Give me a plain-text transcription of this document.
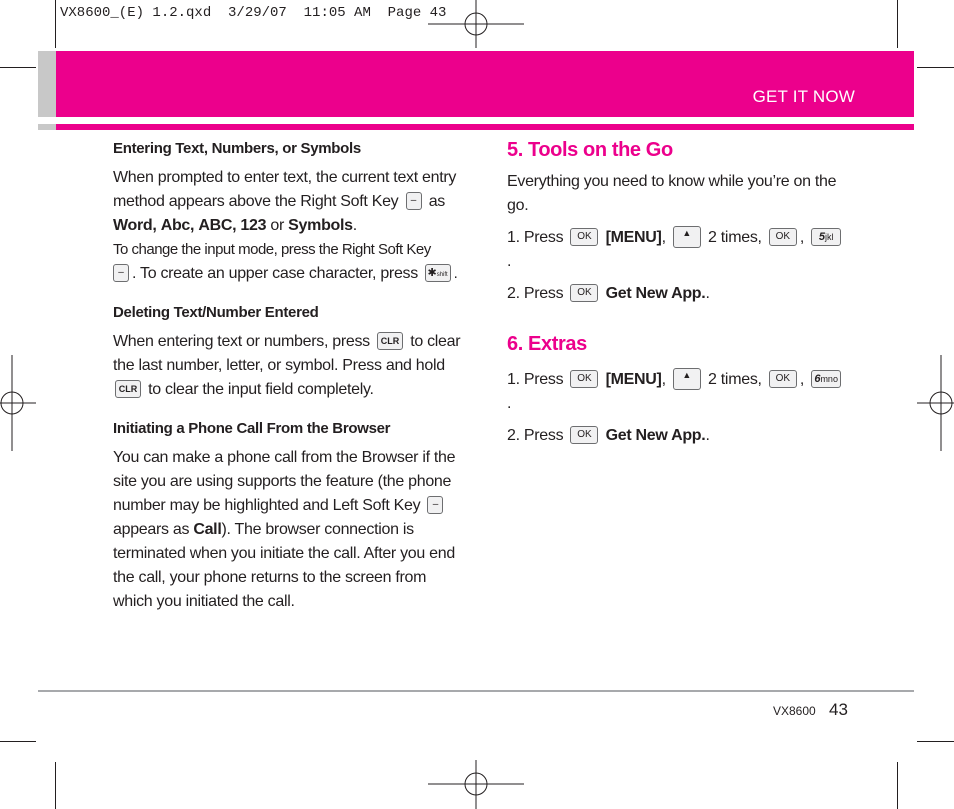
VX8600_(E) 1.2.qxd  3/29/07  11:05 AM  Page 43
GET IT NOW

Entering Text, Numbers, or Symbols

When prompted to enter text, the current text entry method appears above the Right Soft Key – as Word, Abc, ABC, 123 or Symbols.

To change the input mode, press the Right Soft Key
– . To create an upper case character, press ✱shift .

Deleting Text/Number Entered

When entering text or numbers, press CLR to clear the last number, letter, or symbol. Press and hold CLR to clear the input field completely.

Initiating a Phone Call From the Browser

You can make a phone call from the Browser if the site you are using supports the feature (the phone number may be highlighted and Left Soft Key – appears as Call). The browser connection is terminated when you initiate the call. After you end the call, your phone returns to the screen from which you initiated the call.

5. Tools on the Go

Everything you need to know while you’re on the go.

1. Press OK [MENU], ▲ 2 times, OK , 5jkl .

2. Press OK Get New App..

6. Extras

1. Press OK [MENU], ▲ 2 times, OK , 6mno .

2. Press OK Get New App..

VX8600 43
